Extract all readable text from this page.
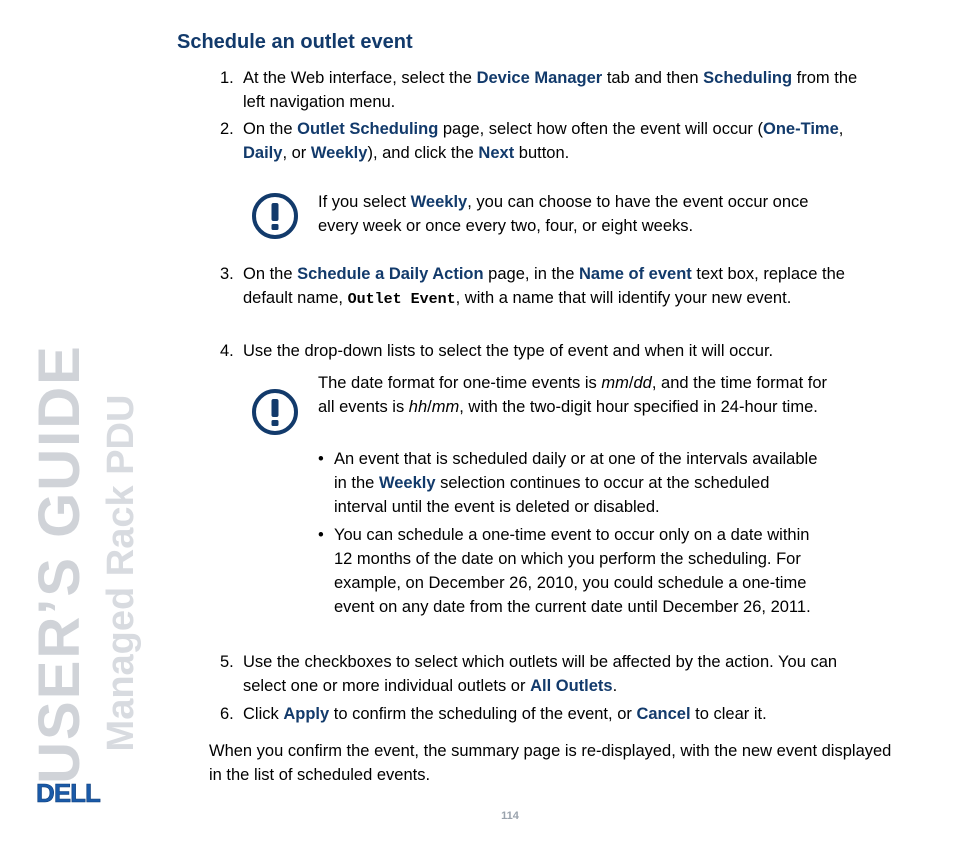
USER’S GUIDE Managed Rack PDU
DELL
Schedule an outlet event
1. At the Web interface, select the Device Manager tab and then Scheduling from the left navigation menu.
2. On the Outlet Scheduling page, select how often the event will occur (One-Time, Daily, or Weekly), and click the Next button.
If you select Weekly, you can choose to have the event occur once every week or once every two, four, or eight weeks.
3. On the Schedule a Daily Action page, in the Name of event text box, replace the default name, Outlet Event, with a name that will identify your new event.
4. Use the drop-down lists to select the type of event and when it will occur.
The date format for one-time events is mm/dd, and the time format for all events is hh/mm, with the two-digit hour specified in 24-hour time.
• An event that is scheduled daily or at one of the intervals available in the Weekly selection continues to occur at the scheduled interval until the event is deleted or disabled.
• You can schedule a one-time event to occur only on a date within 12 months of the date on which you perform the scheduling. For example, on December 26, 2010, you could schedule a one-time event on any date from the current date until December 26, 2011.
5. Use the checkboxes to select which outlets will be affected by the action. You can select one or more individual outlets or All Outlets.
6. Click Apply to confirm the scheduling of the event, or Cancel to clear it.
When you confirm the event, the summary page is re-displayed, with the new event displayed in the list of scheduled events.
114
